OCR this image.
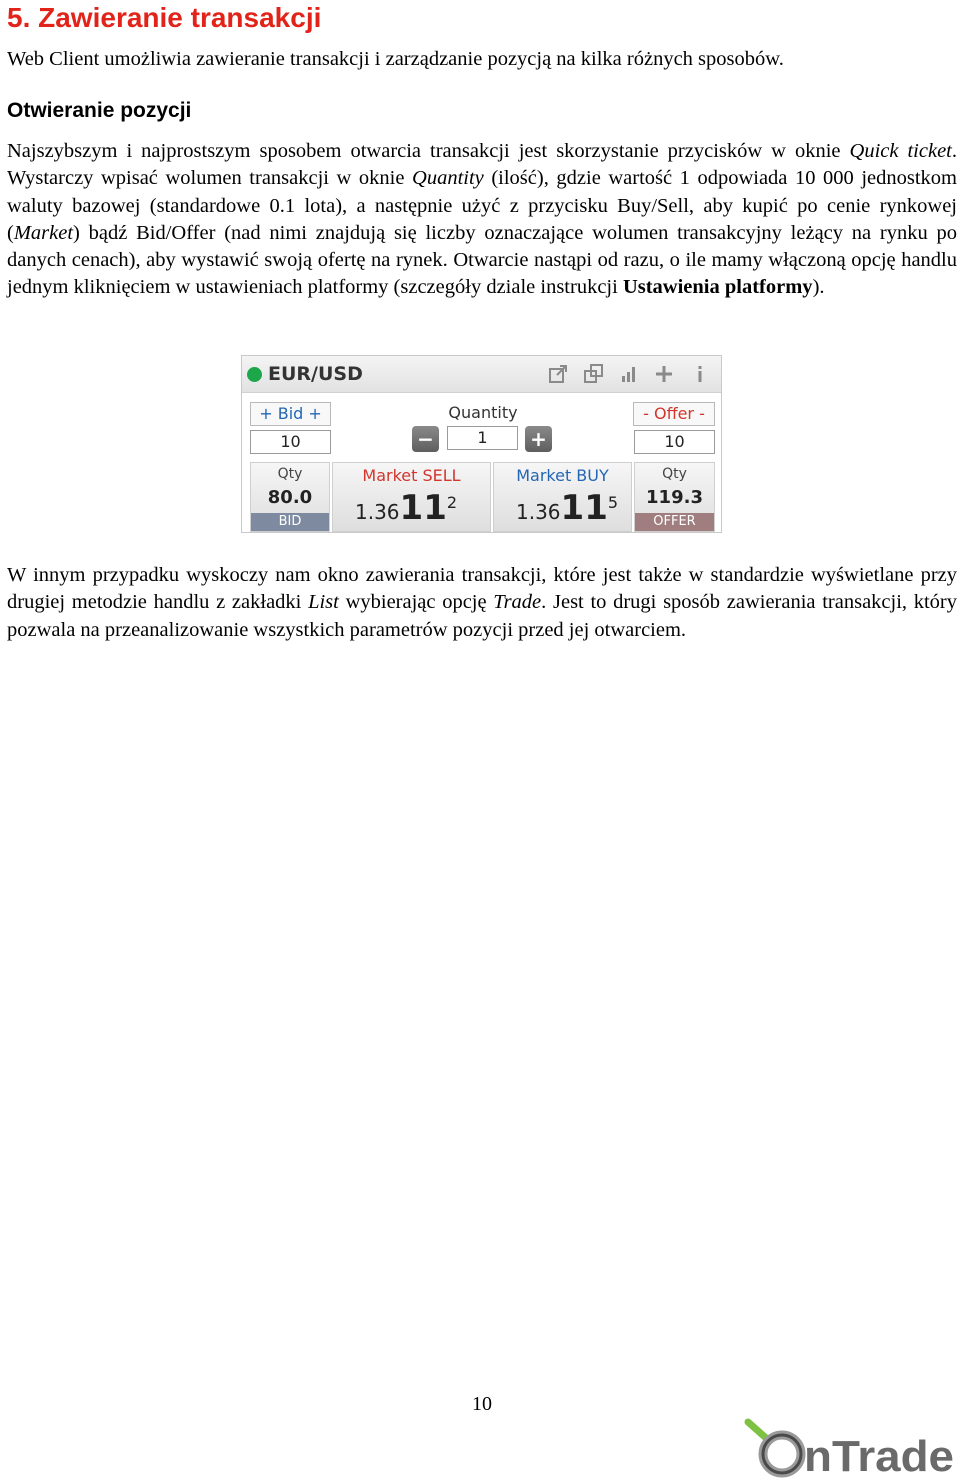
5. Zawieranie transakcji

Web Client umożliwia zawieranie transakcji i zarządzanie pozycją na kilka różnych sposobów.

Otwieranie pozycji

Najszybszym i najprostszym sposobem otwarcia transakcji jest skorzystanie przycisków w oknie Quick ticket. Wystarczy wpisać wolumen transakcji w oknie Quantity (ilość), gdzie wartość 1 odpowiada 10 000 jednostkom waluty bazowej (standardowe 0.1 lota), a następnie użyć z przycisku Buy/Sell, aby kupić po cenie rynkowej (Market) bądź Bid/Offer (nad nimi znajdują się liczby oznaczające wolumen transakcyjny leżący na rynku po danych cenach), aby wystawić swoją ofertę na rynek. Otwarcie nastąpi od razu, o ile mamy włączoną opcję handlu jednym kliknięciem w ustawieniach platformy (szczegóły dziale instrukcji Ustawienia platformy).

EUR/USD
+ Bid +
10
Quantity
−	1	+
- Offer -
10
Qty
80.0
BID
Market SELL
1.36112
Market BUY
1.36115
Qty
119.3
OFFER

W innym przypadku wyskoczy nam okno zawierania transakcji, które jest także w standardzie wyświetlane przy drugiej metodzie handlu z zakładki List wybierając opcję Trade. Jest to drugi sposób zawierania transakcji, który pozwala na przeanalizowanie wszystkich parametrów pozycji przed jej otwarciem.

10
nTrade
